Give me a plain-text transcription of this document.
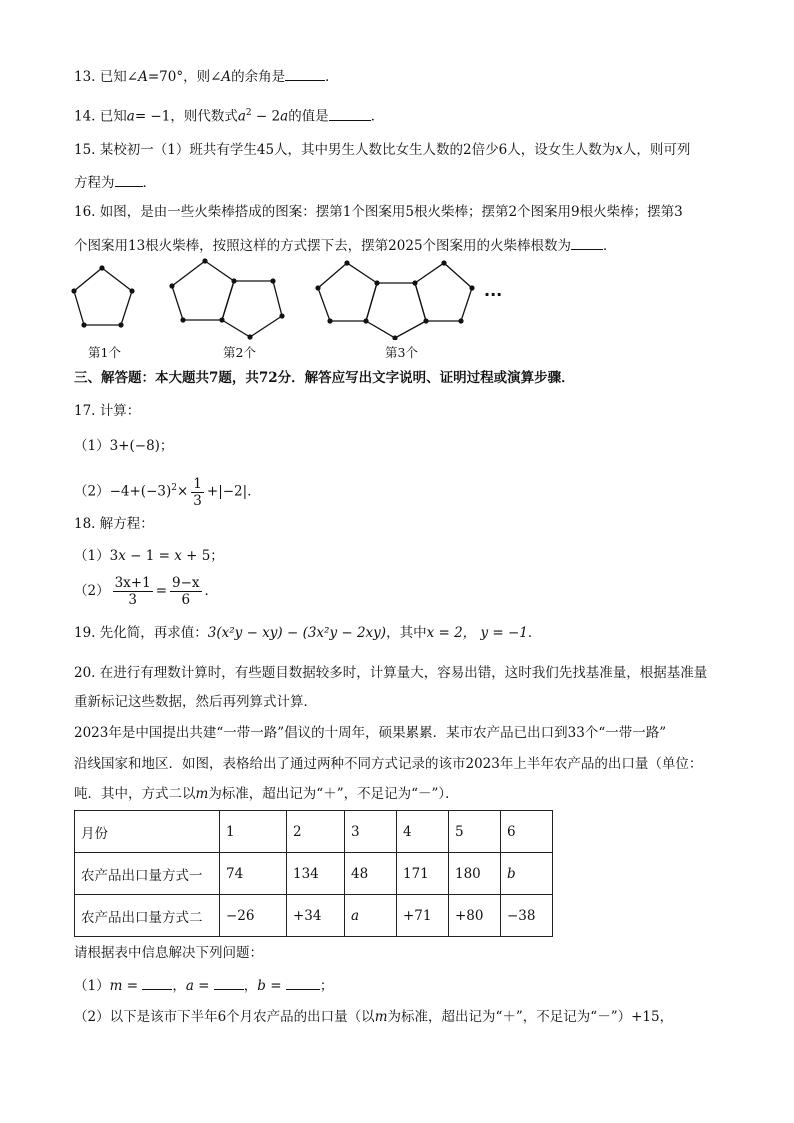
13. 已知∠A=70°，则∠A的余角是	．
14. 已知a= −1，则代数式$a^2 - 2a$的值是	．
15. 某校初一（1）班共有学生45人，其中男生人数比女生人数的2倍少6人，设女生人数为x人，则可列
方程为 ．
16. 如图，是由一些火柴棒搭成的图案：摆第1个图案用5根火柴棒；摆第2个图案用9根火柴棒；摆第3
个图案用13根火柴棒，按照这样的方式摆下去，摆第2025个图案用的火柴棒根数为 ．
···
第1个	第2个	第3个
三、解答题：本大题共7题，共72分．解答应写出文字说明、证明过程或演算步骤．
17. 计算：
（1）3+(−8)；
$(2)-4+(-3)^2\times \frac{1}{3} +|-2|$．
18. 解方程：
（1）3x − 1 = x + 5；
$(2) \frac{3x+1}{3} = \frac{9-x}{6}$ ．
19. 先化简，再求值：3(x²y − xy) − (3x²y − 2xy)，其中x = 2， y = −1．
20. 在进行有理数计算时，有些题目数据较多时，计算量大，容易出错，这时我们先找基准量，根据基准量
重新标记这些数据，然后再列算式计算．
2023年是中国提出共建“一带一路”倡议的十周年，硕果累累．某市农产品已出口到33个“一带一路”
沿线国家和地区．如图，表格给出了通过两种不同方式记录的该市2023年上半年农产品的出口量（单位：
吨．其中，方式二以m为标准，超出记为“＋”，不足记为“－”）．
月份	1	2	3	4	5	6
农产品出口量方式一	74	134	48	171	180	b
农产品出口量方式二	−26	+34	a	+71	+80	−38
请根据表中信息解决下列问题：
（1）m = ，a = ，b =	；
（2）以下是该市下半年6个月农产品的出口量（以m为标准，超出记为“＋”，不足记为“－”）+15，
